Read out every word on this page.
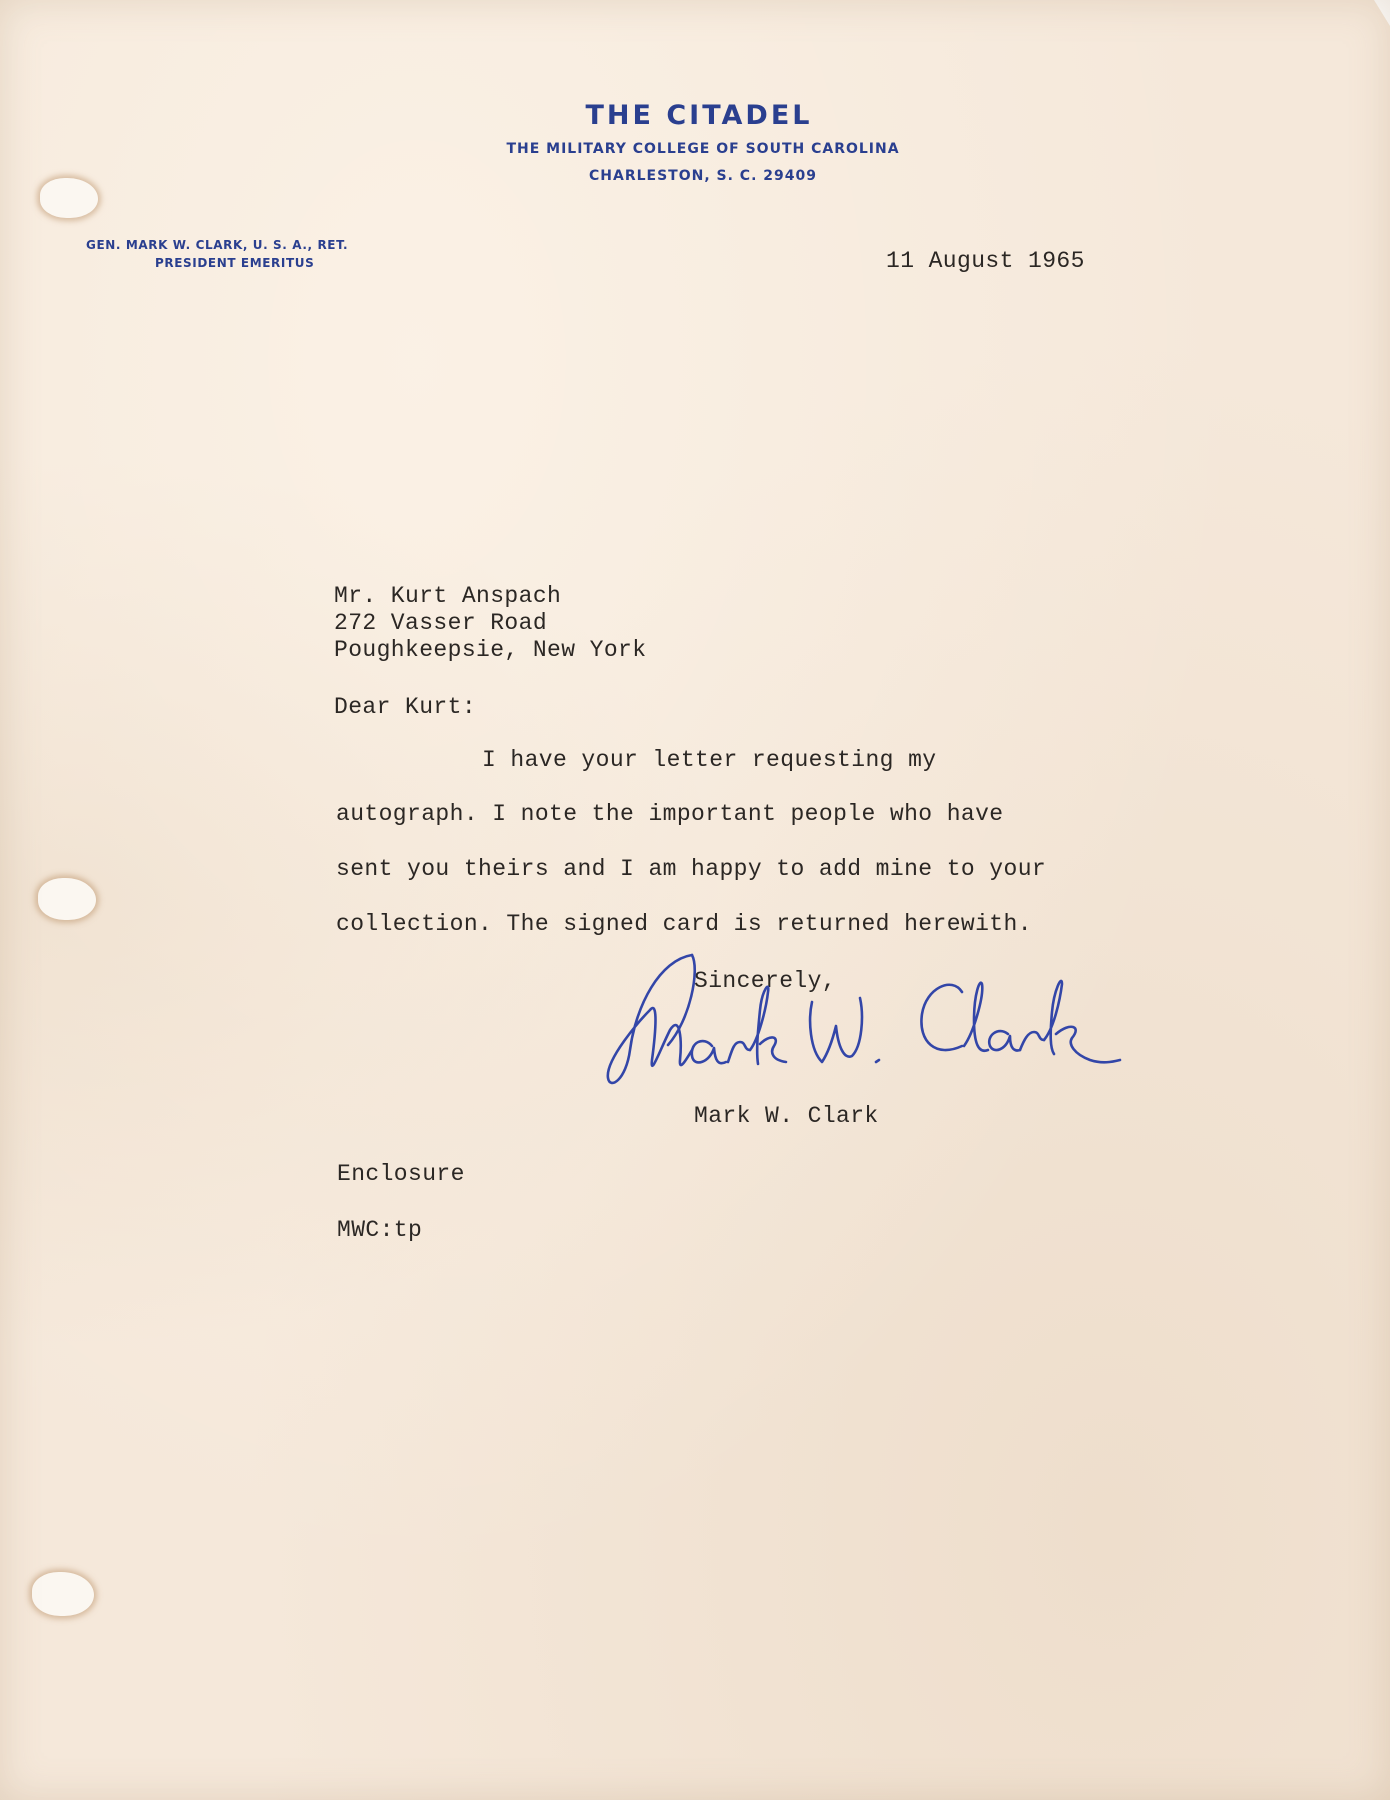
THE CITADEL
THE MILITARY COLLEGE OF SOUTH CAROLINA
CHARLESTON, S. C. 29409
GEN. MARK W. CLARK, U. S. A., RET.
PRESIDENT EMERITUS	11 August 1965
Mr. Kurt Anspach
272 Vasser Road
Poughkeepsie, New York
Dear Kurt:
I have your letter requesting my
autograph. I note the important people who have
sent you theirs and I am happy to add mine to your
collection. The signed card is returned herewith.
Sincerely,
Mark W. Clark
Enclosure
MWC:tp
